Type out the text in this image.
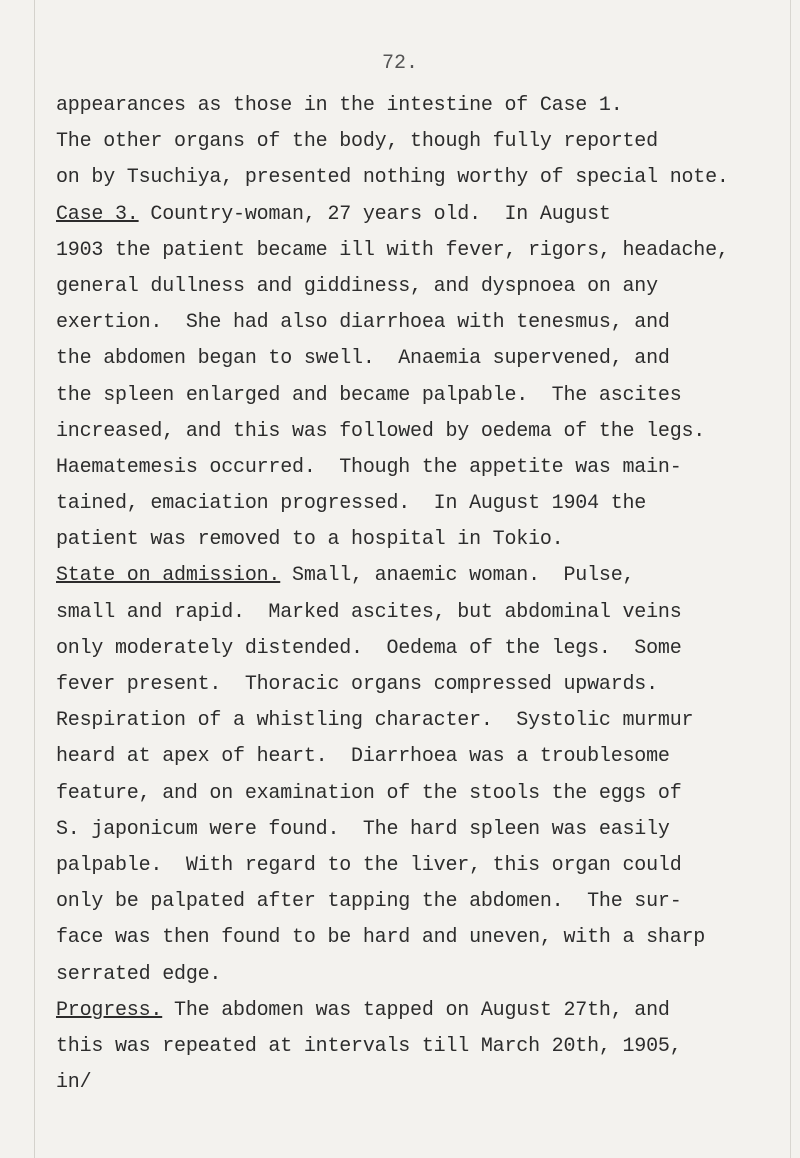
72.
appearances as those in the intestine of Case 1.
The other organs of the body, though fully reported
on by Tsuchiya, presented nothing worthy of special note.
Case 3. Country-woman, 27 years old.  In August
1903 the patient became ill with fever, rigors, headache,
general dullness and giddiness, and dyspnoea on any
exertion.  She had also diarrhoea with tenesmus, and
the abdomen began to swell.  Anaemia supervened, and
the spleen enlarged and became palpable.  The ascites
increased, and this was followed by oedema of the legs.
Haematemesis occurred.  Though the appetite was main-
tained, emaciation progressed.  In August 1904 the
patient was removed to a hospital in Tokio.
State on admission. Small, anaemic woman.  Pulse,
small and rapid.  Marked ascites, but abdominal veins
only moderately distended.  Oedema of the legs.  Some
fever present.  Thoracic organs compressed upwards.
Respiration of a whistling character.  Systolic murmur
heard at apex of heart.  Diarrhoea was a troublesome
feature, and on examination of the stools the eggs of
S. japonicum were found.  The hard spleen was easily
palpable.  With regard to the liver, this organ could
only be palpated after tapping the abdomen.  The sur-
face was then found to be hard and uneven, with a sharp
serrated edge.
Progress. The abdomen was tapped on August 27th, and
this was repeated at intervals till March 20th, 1905,
in/
